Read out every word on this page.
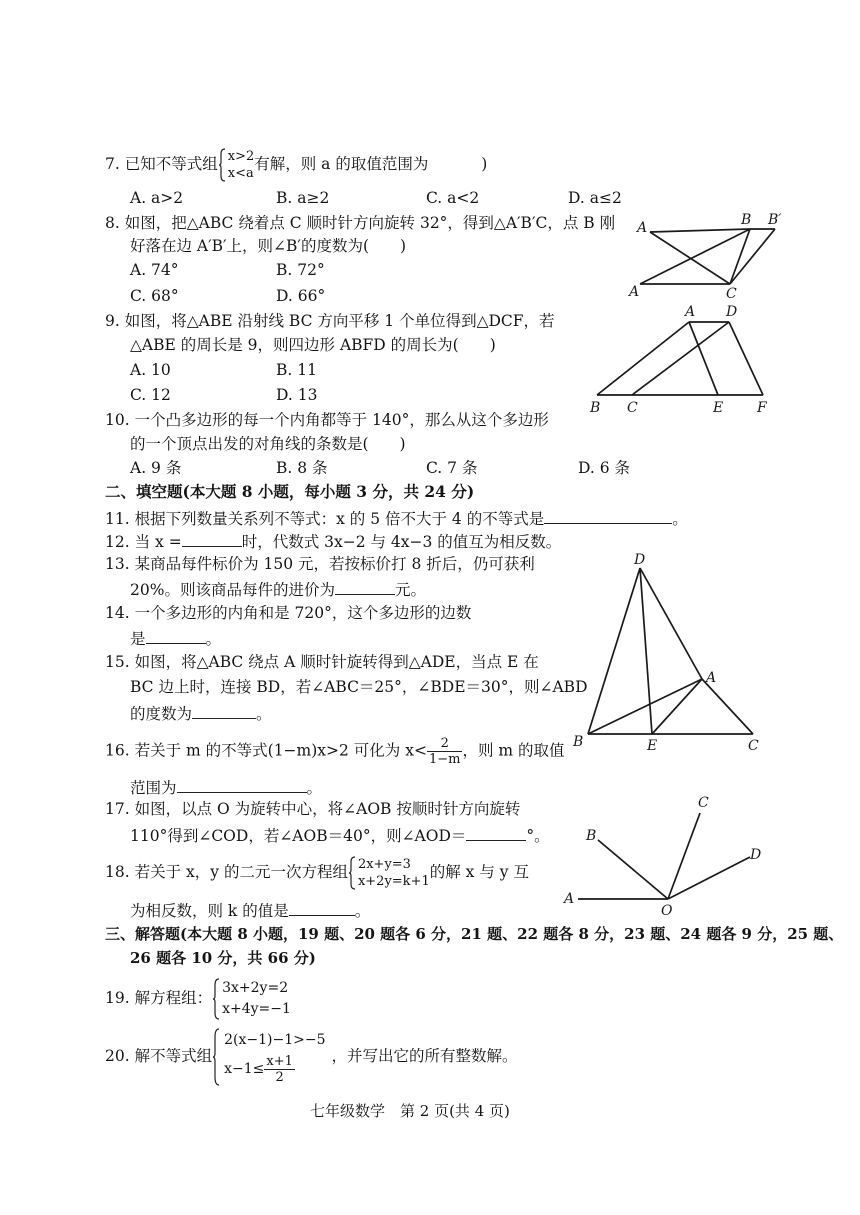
7. 已知不等式组 x>2
x<a
有解，则 a 的取值范围为	)
A. a>2	B. a≥2	C. a<2	D. a≤2
8. 如图，把△ABC 绕着点 C 顺时针方向旋转 32°，得到△A′B′C，点 B 刚
好落在边 A′B′上，则∠B′的度数为(　　)
A. 74°	B. 72°
C. 68°	D. 66°
A	B B′
A	C
9. 如图，将△ABE 沿射线 BC 方向平移 1 个单位得到△DCF，若
△ABE 的周长是 9，则四边形 ABFD 的周长为(　　)
A. 10	B. 11
C. 12	D. 13
A D
B C	E F
10. 一个凸多边形的每一个内角都等于 140°，那么从这个多边形
的一个顶点出发的对角线的条数是(　　)
A. 9 条	B. 8 条	C. 7 条	D. 6 条
二、填空题(本大题 8 小题，每小题 3 分，共 24 分)
11. 根据下列数量关系列不等式：x 的 5 倍不大于 4 的不等式是	。
12. 当 x =	时，代数式 3x−2 与 4x−3 的值互为相反数。
13. 某商品每件标价为 150 元，若按标价打 8 折后，仍可获利
20%。则该商品每件的进价为	元。
14. 一个多边形的内角和是 720°，这个多边形的边数
是	。
15. 如图，将△ABC 绕点 A 顺时针旋转得到△ADE，当点 E 在
BC 边上时，连接 BD，若∠ABC＝25°，∠BDE＝30°，则∠ABD
的度数为	。
D
A
B	E	C
16. 若关于 m 的不等式(1−m)x>2 可化为 $x< \frac{2}{1-m}$ ，则 m 的取值
范围为	。
17. 如图，以点 O 为旋转中心，将∠AOB 按顺时针方向旋转
110°得到∠COD，若∠AOB＝40°，则∠AOD＝	°。
C
B
D
A
O
18. 若关于 x，y 的二元一次方程组 2x+y=3
x+2y=k+1
的解 x 与 y 互
为相反数，则 k 的值是	。
三、解答题(本大题 8 小题，19 题、20 题各 6 分，21 题、22 题各 8 分，23 题、24 题各 9 分，25 题、
26 题各 10 分，共 66 分)
19. 解方程组：
3x+2y=2
x+4y=−1
20. 解不等式组
2(x−1)−1>−5
$x-1\le \frac{x+1}{2}$ ，并写出它的所有整数解。
七年级数学　第 2 页(共 4 页)
